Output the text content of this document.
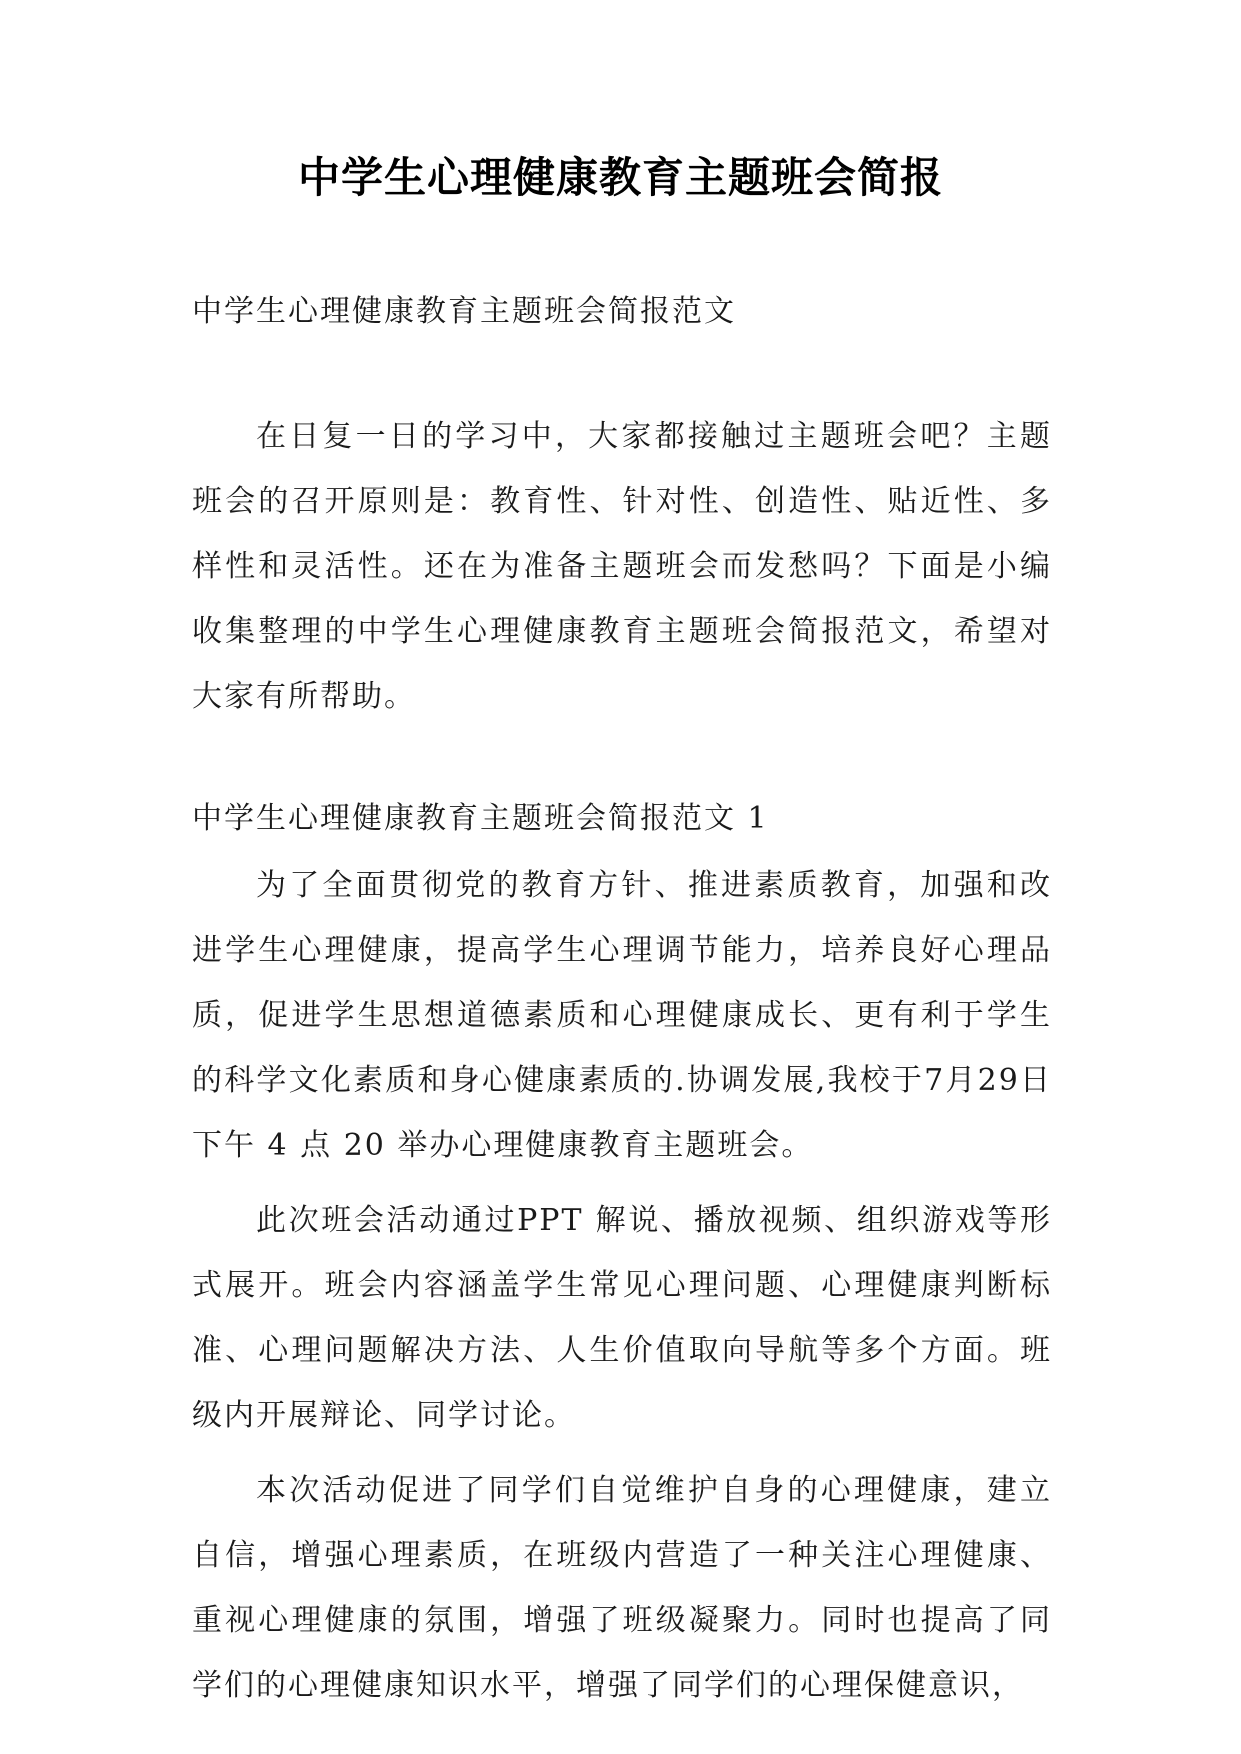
中学生心理健康教育主题班会简报

中学生心理健康教育主题班会简报范文

在日复一日的学习中，大家都接触过主题班会吧？主题班会的召开原则是：教育性、针对性、创造性、贴近性、多样性和灵活性。还在为准备主题班会而发愁吗？下面是小编收集整理的中学生心理健康教育主题班会简报范文，希望对大家有所帮助。

中学生心理健康教育主题班会简报范文 1

为了全面贯彻党的教育方针、推进素质教育，加强和改进学生心理健康，提高学生心理调节能力，培养良好心理品质，促进学生思想道德素质和心理健康成长、更有利于学生的科学文化素质和身心健康素质的.协调发展,我校于7月29日下午 4 点 20 举办心理健康教育主题班会。

此次班会活动通过PPT 解说、播放视频、组织游戏等形式展开。班会内容涵盖学生常见心理问题、心理健康判断标准、心理问题解决方法、人生价值取向导航等多个方面。班级内开展辩论、同学讨论。

本次活动促进了同学们自觉维护自身的心理健康，建立自信，增强心理素质，在班级内营造了一种关注心理健康、重视心理健康的氛围，增强了班级凝聚力。同时也提高了同学们的心理健康知识水平，增强了同学们的心理保健意识，
